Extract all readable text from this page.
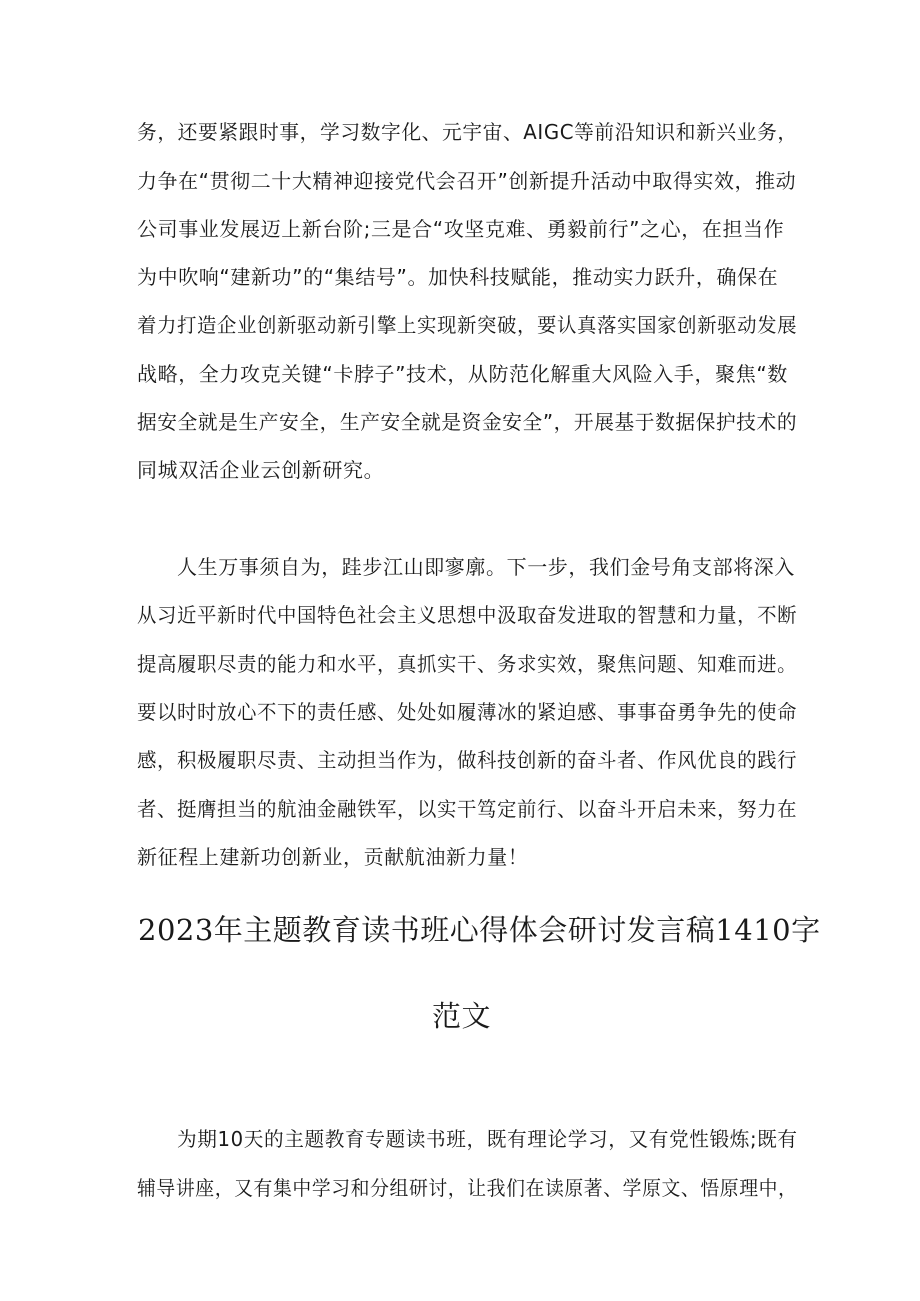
务，还要紧跟时事，学习数字化、元宇宙、AIGC等前沿知识和新兴业务，
力争在“贯彻二十大精神迎接党代会召开”创新提升活动中取得实效，推动
公司事业发展迈上新台阶;三是合“攻坚克难、勇毅前行”之心，在担当作
为中吹响“建新功”的“集结号”。加快科技赋能，推动实力跃升，确保在
着力打造企业创新驱动新引擎上实现新突破，要认真落实国家创新驱动发展
战略，全力攻克关键“卡脖子”技术，从防范化解重大风险入手，聚焦“数
据安全就是生产安全，生产安全就是资金安全”，开展基于数据保护技术的
同城双活企业云创新研究。
人生万事须自为，跬步江山即寥廓。下一步，我们金号角支部将深入
从习近平新时代中国特色社会主义思想中汲取奋发进取的智慧和力量，不断
提高履职尽责的能力和水平，真抓实干、务求实效，聚焦问题、知难而进。
要以时时放心不下的责任感、处处如履薄冰的紧迫感、事事奋勇争先的使命
感，积极履职尽责、主动担当作为，做科技创新的奋斗者、作风优良的践行
者、挺膺担当的航油金融铁军，以实干笃定前行、以奋斗开启未来，努力在
新征程上建新功创新业，贡献航油新力量！
2023年主题教育读书班心得体会研讨发言稿1410字
范文
为期10天的主题教育专题读书班，既有理论学习，又有党性锻炼;既有
辅导讲座，又有集中学习和分组研讨，让我们在读原著、学原文、悟原理中，
